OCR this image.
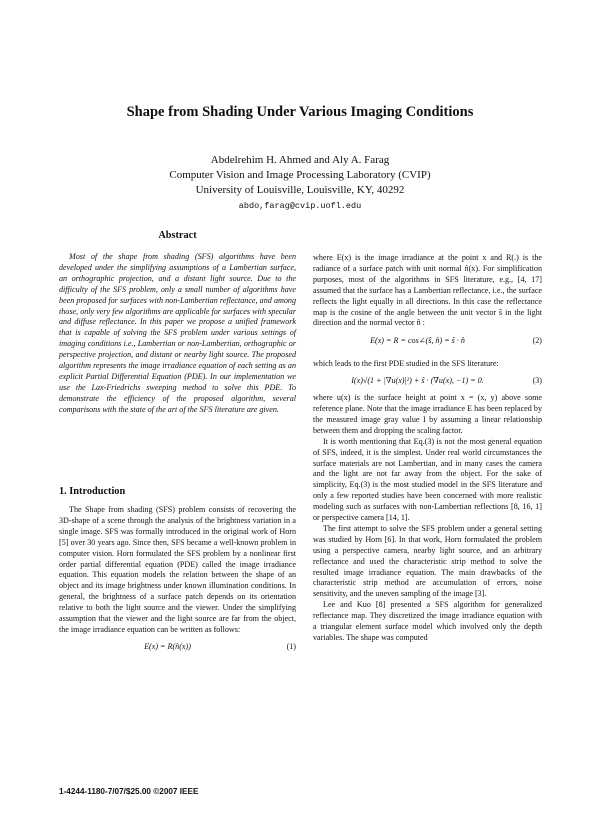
Shape from Shading Under Various Imaging Conditions
Abdelrehim H. Ahmed and Aly A. Farag
Computer Vision and Image Processing Laboratory (CVIP)
University of Louisville, Louisville, KY, 40292
abdo,farag@cvip.uofl.edu
Abstract
Most of the shape from shading (SFS) algorithms have been developed under the simplifying assumptions of a Lambertian surface, an orthographic projection, and a distant light source. Due to the difficulty of the SFS problem, only a small number of algorithms have been proposed for surfaces with non-Lambertian reflectance, and among those, only very few algorithms are applicable for surfaces with specular and diffuse reflectance. In this paper we propose a unified framework that is capable of solving the SFS problem under various settings of imaging conditions i.e., Lambertian or non-Lambertian, orthographic or perspective projection, and distant or nearby light source. The proposed algorithm represents the image irradiance equation of each setting as an explicit Partial Differential Equation (PDE). In our implementation we use the Lax-Friedrichs sweeping method to solve this PDE. To demonstrate the efficiency of the proposed algorithm, several comparisons with the state of the art of the SFS literature are given.
1. Introduction

The Shape from shading (SFS) problem consists of recovering the 3D-shape of a scene through the analysis of the brightness variation in a single image. SFS was formally introduced in the original work of Horn [5] over 30 years ago. Since then, SFS became a well-known problem in computer vision. Horn formulated the SFS problem by a nonlinear first order partial differential equation (PDE) called the image irradiance equation. This equation models the relation between the shape of an object and its image brightness under known illumination conditions. In general, the brightness of a surface patch depends on its orientation relative to both the light source and the viewer. Under the simplifying assumption that the viewer and the light source are far from the object, the image irradiance equation can be written as follows:

E(x) = R(n̂(x))	(1)

where E(x) is the image irradiance at the point x and R(.) is the radiance of a surface patch with unit normal n̂(x). For simplification purposes, most of the algorithms in SFS literature, e.g., [4, 17] assumed that the surface has a Lambertian reflectance, i.e., the surface reflects the light equally in all directions. In this case the reflectance map is the cosine of the angle between the unit vector ŝ in the light direction and the normal vector n̂ :

E(x) = R = cos∠(ŝ, n̂) = ŝ · n̂	(2)

which leads to the first PDE studied in the SFS literature:

I(x)√(1 + |∇u(x)|²) + ŝ · (∇u(x), −1) = 0.	(3)

where u(x) is the surface height at point x = (x, y) above some reference plane. Note that the image irradiance E has been replaced by the measured image gray value I by assuming a linear relationship between them and dropping the scaling factor.

It is worth mentioning that Eq.(3) is not the most general equation of SFS, indeed, it is the simplest. Under real world circumstances the surface materials are not Lambertian, and in many cases the camera and the light are not far away from the object. For the sake of simplicity, Eq.(3) is the most studied model in the SFS literature and only a few reported studies have been concerned with more realistic modeling such as surfaces with non-Lambertian reflections [8, 16, 1] or perspective camera [14, 1].

The first attempt to solve the SFS problem under a general setting was studied by Horn [6]. In that work, Horn formulated the problem using a perspective camera, nearby light source, and an arbitrary reflectance and used the characteristic strip method to solve the resulted image irradiance equation. The main drawbacks of the characteristic strip method are accumulation of errors, noise sensitivity, and the uneven sampling of the image [3].

Lee and Kuo [8] presented a SFS algorithm for generalized reflectance map. They discretized the image irradiance equation with a triangular element surface model which involved only the depth variables. The shape was computed

1-4244-1180-7/07/$25.00 ©2007 IEEE
